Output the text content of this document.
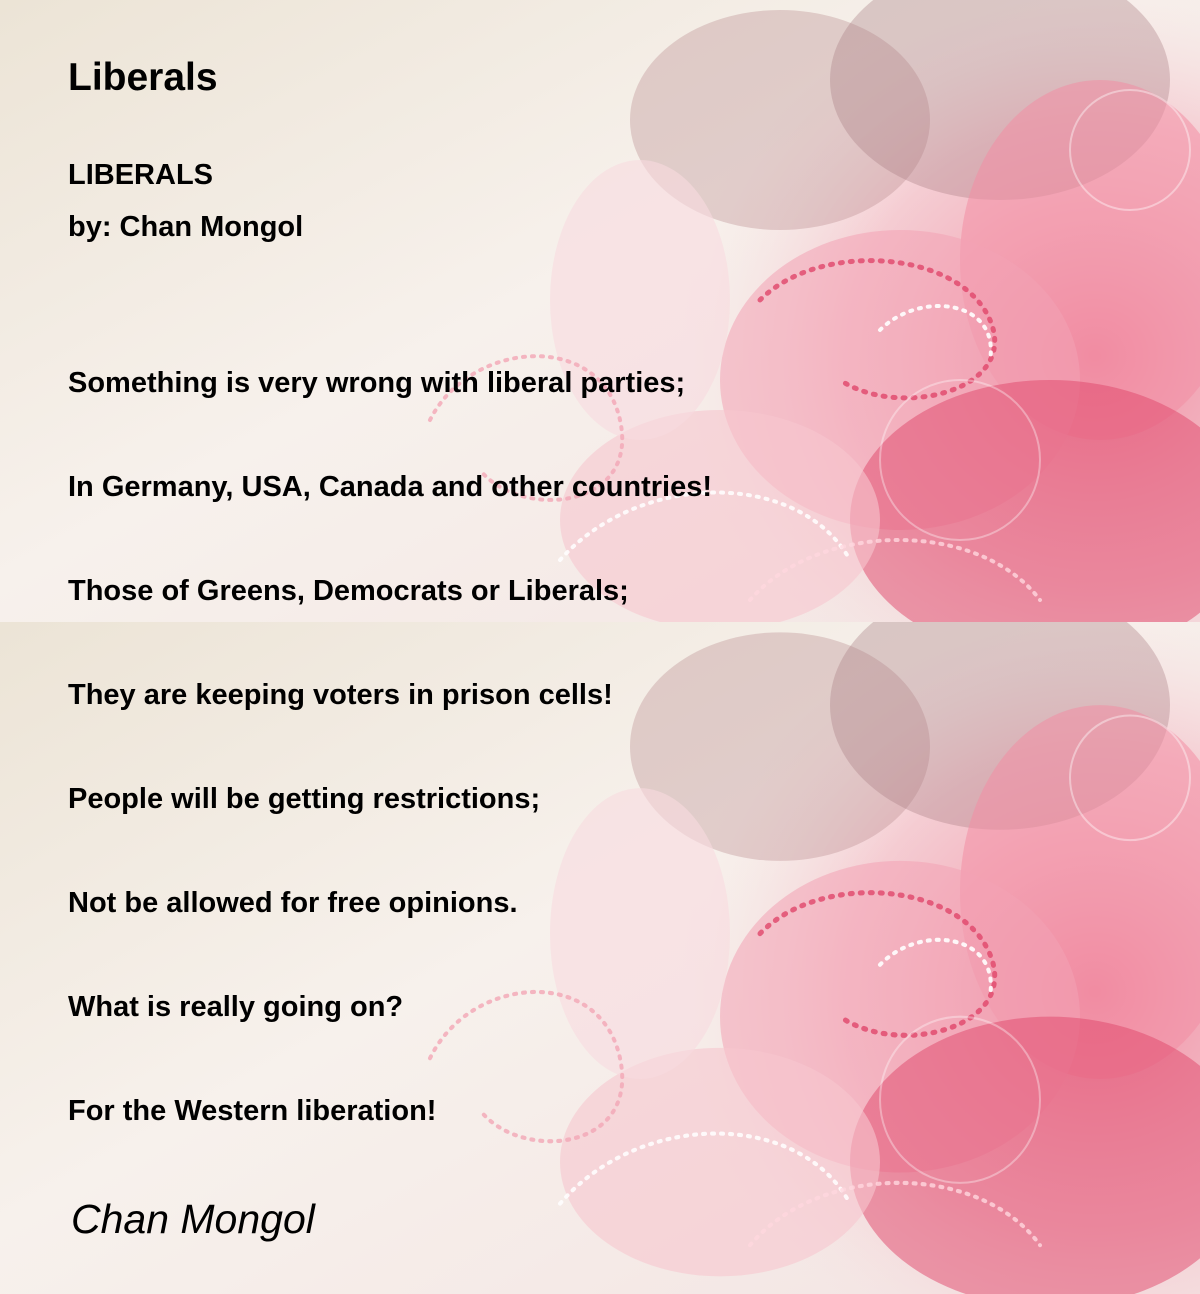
Liberals
LIBERALS
by: Chan Mongol
Something is very wrong with liberal parties;
In Germany, USA, Canada and other countries!
Those of Greens, Democrats or Liberals;
They are keeping voters in prison cells!
People will be getting restrictions;
Not be allowed for free opinions.
What is really going on?
For the Western liberation!
Chan Mongol
